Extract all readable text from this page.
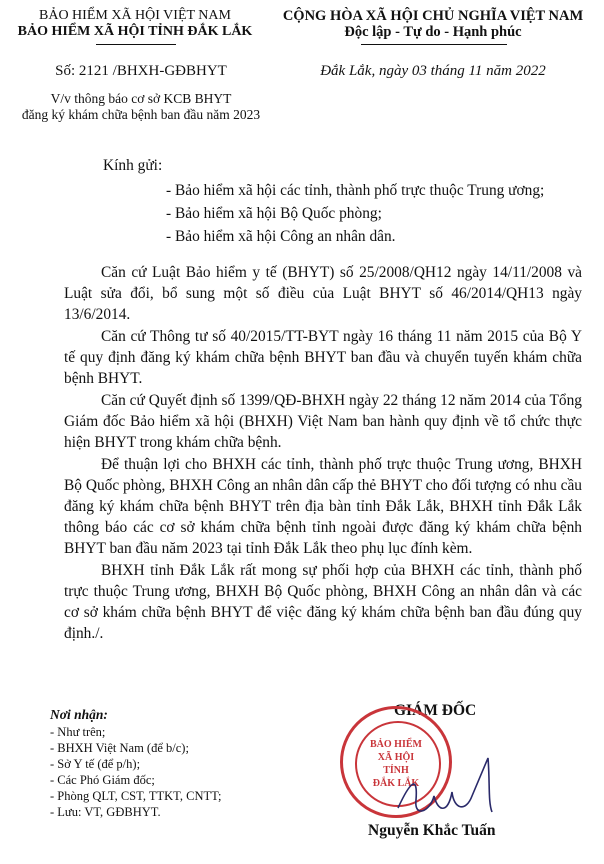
BẢO HIỂM XÃ HỘI VIỆT NAM
BẢO HIỂM XÃ HỘI TỈNH ĐẮK LẮK
Số: 2121 /BHXH-GĐBHYT
V/v thông báo cơ sở KCB BHYT
đăng ký khám chữa bệnh ban đầu năm 2023
CỘNG HÒA XÃ HỘI CHỦ NGHĨA VIỆT NAM
Độc lập - Tự do - Hạnh phúc
Đắk Lắk, ngày 03 tháng 11 năm 2022
Kính gửi:
- Bảo hiểm xã hội các tỉnh, thành phố trực thuộc Trung ương;
- Bảo hiểm xã hội Bộ Quốc phòng;
- Bảo hiểm xã hội Công an nhân dân.
Căn cứ Luật Bảo hiểm y tế (BHYT) số 25/2008/QH12 ngày 14/11/2008 và Luật sửa đổi, bổ sung một số điều của Luật BHYT số 46/2014/QH13 ngày 13/6/2014.
Căn cứ Thông tư số 40/2015/TT-BYT ngày 16 tháng 11 năm 2015 của Bộ Y tế quy định đăng ký khám chữa bệnh BHYT ban đầu và chuyển tuyến khám chữa bệnh BHYT.
Căn cứ Quyết định số 1399/QĐ-BHXH ngày 22 tháng 12 năm 2014 của Tổng Giám đốc Bảo hiểm xã hội (BHXH) Việt Nam ban hành quy định về tổ chức thực hiện BHYT trong khám chữa bệnh.
Để thuận lợi cho BHXH các tỉnh, thành phố trực thuộc Trung ương, BHXH Bộ Quốc phòng, BHXH Công an nhân dân cấp thẻ BHYT cho đối tượng có nhu cầu đăng ký khám chữa bệnh BHYT trên địa bàn tỉnh Đắk Lắk, BHXH tỉnh Đắk Lắk thông báo các cơ sở khám chữa bệnh tỉnh ngoài được đăng ký khám chữa bệnh BHYT ban đầu năm 2023 tại tỉnh Đắk Lắk theo phụ lục đính kèm.
BHXH tỉnh Đắk Lắk rất mong sự phối hợp của BHXH các tỉnh, thành phố trực thuộc Trung ương, BHXH Bộ Quốc phòng, BHXH Công an nhân dân và các cơ sở khám chữa bệnh BHYT để việc đăng ký khám chữa bệnh ban đầu đúng quy định./.
Nơi nhận:
- Như trên;
- BHXH Việt Nam (để b/c);
- Sở Y tế (để p/h);
- Các Phó Giám đốc;
- Phòng QLT, CST, TTKT, CNTT;
- Lưu: VT, GĐBHYT.
GIÁM ĐỐC
BẢO HIỂM
XÃ HỘI
TỈNH
ĐẮK LẮK
Nguyễn Khắc Tuấn
